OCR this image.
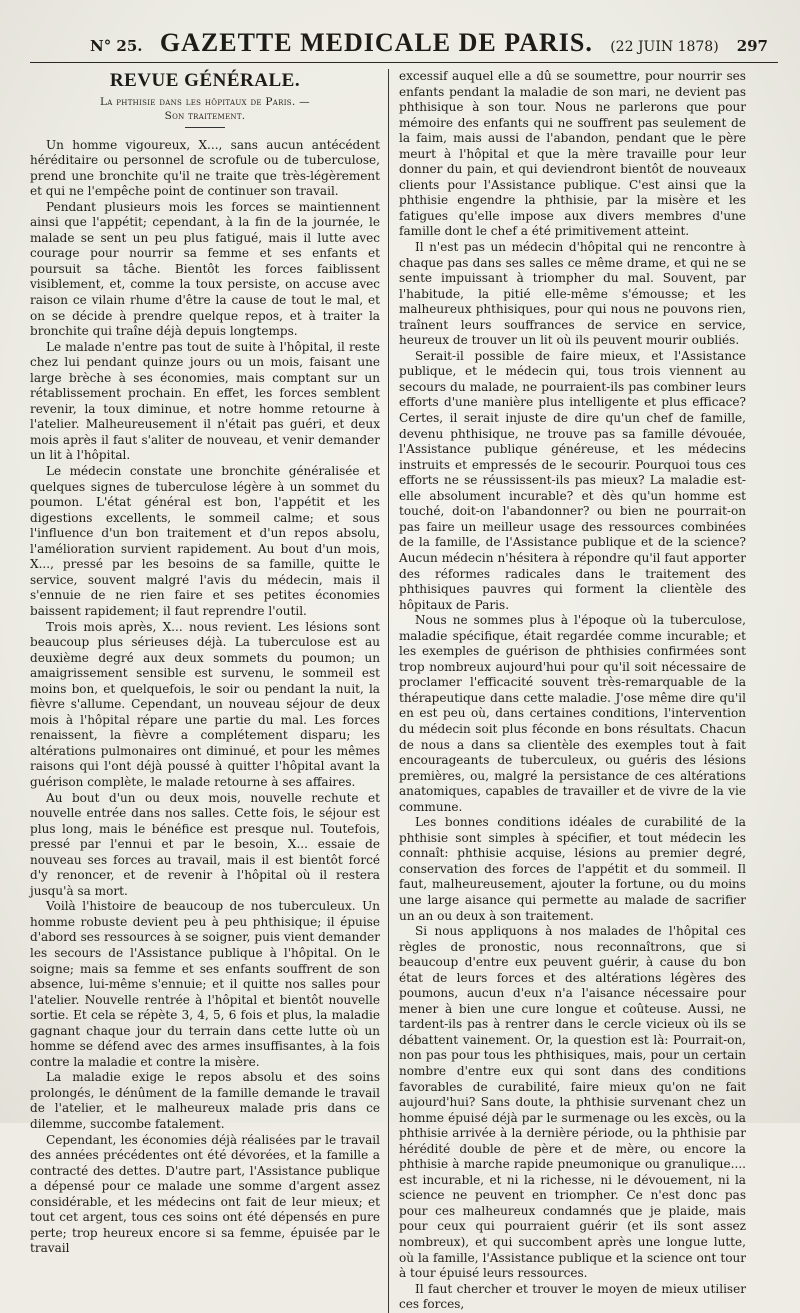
N° 25. GAZETTE MEDICALE DE PARIS. (22 JUIN 1878) 297
REVUE GÉNÉRALE.
La phthisie dans les hôpitaux de Paris. —
Son traitement.

Un homme vigoureux, X..., sans aucun antécédent héréditaire ou personnel de scrofule ou de tuberculose, prend une bronchite qu'il ne traite que très-légèrement et qui ne l'empêche point de continuer son travail.

Pendant plusieurs mois les forces se maintiennent ainsi que l'appétit; cependant, à la fin de la journée, le malade se sent un peu plus fatigué, mais il lutte avec courage pour nourrir sa femme et ses enfants et poursuit sa tâche. Bientôt les forces faiblissent visiblement, et, comme la toux persiste, on accuse avec raison ce vilain rhume d'être la cause de tout le mal, et on se décide à prendre quelque repos, et à traiter la bronchite qui traîne déjà depuis longtemps.

Le malade n'entre pas tout de suite à l'hôpital, il reste chez lui pendant quinze jours ou un mois, faisant une large brèche à ses économies, mais comptant sur un rétablissement prochain. En effet, les forces semblent revenir, la toux diminue, et notre homme retourne à l'atelier. Malheureusement il n'était pas guéri, et deux mois après il faut s'aliter de nouveau, et venir demander un lit à l'hôpital.

Le médecin constate une bronchite généralisée et quelques signes de tuberculose légère à un sommet du poumon. L'état général est bon, l'appétit et les digestions excellents, le sommeil calme; et sous l'influence d'un bon traitement et d'un repos absolu, l'amélioration survient rapidement. Au bout d'un mois, X..., pressé par les besoins de sa famille, quitte le service, souvent malgré l'avis du médecin, mais il s'ennuie de ne rien faire et ses petites économies baissent rapidement; il faut reprendre l'outil.

Trois mois après, X... nous revient. Les lésions sont beaucoup plus sérieuses déjà. La tuberculose est au deuxième degré aux deux sommets du poumon; un amaigrissement sensible est survenu, le sommeil est moins bon, et quelquefois, le soir ou pendant la nuit, la fièvre s'allume. Cependant, un nouveau séjour de deux mois à l'hôpital répare une partie du mal. Les forces renaissent, la fièvre a complétement disparu; les altérations pulmonaires ont diminué, et pour les mêmes raisons qui l'ont déjà poussé à quitter l'hôpital avant la guérison complète, le malade retourne à ses affaires.

Au bout d'un ou deux mois, nouvelle rechute et nouvelle entrée dans nos salles. Cette fois, le séjour est plus long, mais le bénéfice est presque nul. Toutefois, pressé par l'ennui et par le besoin, X... essaie de nouveau ses forces au travail, mais il est bientôt forcé d'y renoncer, et de revenir à l'hôpital où il restera jusqu'à sa mort.

Voilà l'histoire de beaucoup de nos tuberculeux. Un homme robuste devient peu à peu phthisique; il épuise d'abord ses ressources à se soigner, puis vient demander les secours de l'Assistance publique à l'hôpital. On le soigne; mais sa femme et ses enfants souffrent de son absence, lui-même s'ennuie; et il quitte nos salles pour l'atelier. Nouvelle rentrée à l'hôpital et bientôt nouvelle sortie. Et cela se répète 3, 4, 5, 6 fois et plus, la maladie gagnant chaque jour du terrain dans cette lutte où un homme se défend avec des armes insuffisantes, à la fois contre la maladie et contre la misère.

La maladie exige le repos absolu et des soins prolongés, le dénûment de la famille demande le travail de l'atelier, et le malheureux malade pris dans ce dilemme, succombe fatalement.

Cependant, les économies déjà réalisées par le travail des années précédentes ont été dévorées, et la famille a contracté des dettes. D'autre part, l'Assistance publique a dépensé pour ce malade une somme d'argent assez considérable, et les médecins ont fait de leur mieux; et tout cet argent, tous ces soins ont été dépensés en pure perte; trop heureux encore si sa femme, épuisée par le travail

excessif auquel elle a dû se soumettre, pour nourrir ses enfants pendant la maladie de son mari, ne devient pas phthisique à son tour. Nous ne parlerons que pour mémoire des enfants qui ne souffrent pas seulement de la faim, mais aussi de l'abandon, pendant que le père meurt à l'hôpital et que la mère travaille pour leur donner du pain, et qui deviendront bientôt de nouveaux clients pour l'Assistance publique. C'est ainsi que la phthisie engendre la phthisie, par la misère et les fatigues qu'elle impose aux divers membres d'une famille dont le chef a été primitivement atteint.

Il n'est pas un médecin d'hôpital qui ne rencontre à chaque pas dans ses salles ce même drame, et qui ne se sente impuissant à triompher du mal. Souvent, par l'habitude, la pitié elle-même s'émousse; et les malheureux phthisiques, pour qui nous ne pouvons rien, traînent leurs souffrances de service en service, heureux de trouver un lit où ils peuvent mourir oubliés.

Serait-il possible de faire mieux, et l'Assistance publique, et le médecin qui, tous trois viennent au secours du malade, ne pourraient-ils pas combiner leurs efforts d'une manière plus intelligente et plus efficace? Certes, il serait injuste de dire qu'un chef de famille, devenu phthisique, ne trouve pas sa famille dévouée, l'Assistance publique généreuse, et les médecins instruits et empressés de le secourir. Pourquoi tous ces efforts ne se réussissent-ils pas mieux? La maladie est-elle absolument incurable? et dès qu'un homme est touché, doit-on l'abandonner? ou bien ne pourrait-on pas faire un meilleur usage des ressources combinées de la famille, de l'Assistance publique et de la science? Aucun médecin n'hésitera à répondre qu'il faut apporter des réformes radicales dans le traitement des phthisiques pauvres qui forment la clientèle des hôpitaux de Paris.

Nous ne sommes plus à l'époque où la tuberculose, maladie spécifique, était regardée comme incurable; et les exemples de guérison de phthisies confirmées sont trop nombreux aujourd'hui pour qu'il soit nécessaire de proclamer l'efficacité souvent très-remarquable de la thérapeutique dans cette maladie. J'ose même dire qu'il en est peu où, dans certaines conditions, l'intervention du médecin soit plus féconde en bons résultats. Chacun de nous a dans sa clientèle des exemples tout à fait encourageants de tuberculeux, ou guéris des lésions premières, ou, malgré la persistance de ces altérations anatomiques, capables de travailler et de vivre de la vie commune.

Les bonnes conditions idéales de curabilité de la phthisie sont simples à spécifier, et tout médecin les connaît: phthisie acquise, lésions au premier degré, conservation des forces de l'appétit et du sommeil. Il faut, malheureusement, ajouter la fortune, ou du moins une large aisance qui permette au malade de sacrifier un an ou deux à son traitement.

Si nous appliquons à nos malades de l'hôpital ces règles de pronostic, nous reconnaîtrons, que si beaucoup d'entre eux peuvent guérir, à cause du bon état de leurs forces et des altérations légères des poumons, aucun d'eux n'a l'aisance nécessaire pour mener à bien une cure longue et coûteuse. Aussi, ne tardent-ils pas à rentrer dans le cercle vicieux où ils se débattent vainement. Or, la question est là: Pourrait-on, non pas pour tous les phthisiques, mais, pour un certain nombre d'entre eux qui sont dans des conditions favorables de curabilité, faire mieux qu'on ne fait aujourd'hui? Sans doute, la phthisie survenant chez un homme épuisé déjà par le surmenage ou les excès, ou la phthisie arrivée à la dernière période, ou la phthisie par hérédité double de père et de mère, ou encore la phthisie à marche rapide pneumonique ou granulique.... est incurable, et ni la richesse, ni le dévouement, ni la science ne peuvent en triompher. Ce n'est donc pas pour ces malheureux condamnés que je plaide, mais pour ceux qui pourraient guérir (et ils sont assez nombreux), et qui succombent après une longue lutte, où la famille, l'Assistance publique et la science ont tour à tour épuisé leurs ressources.

Il faut chercher et trouver le moyen de mieux utiliser ces forces,
